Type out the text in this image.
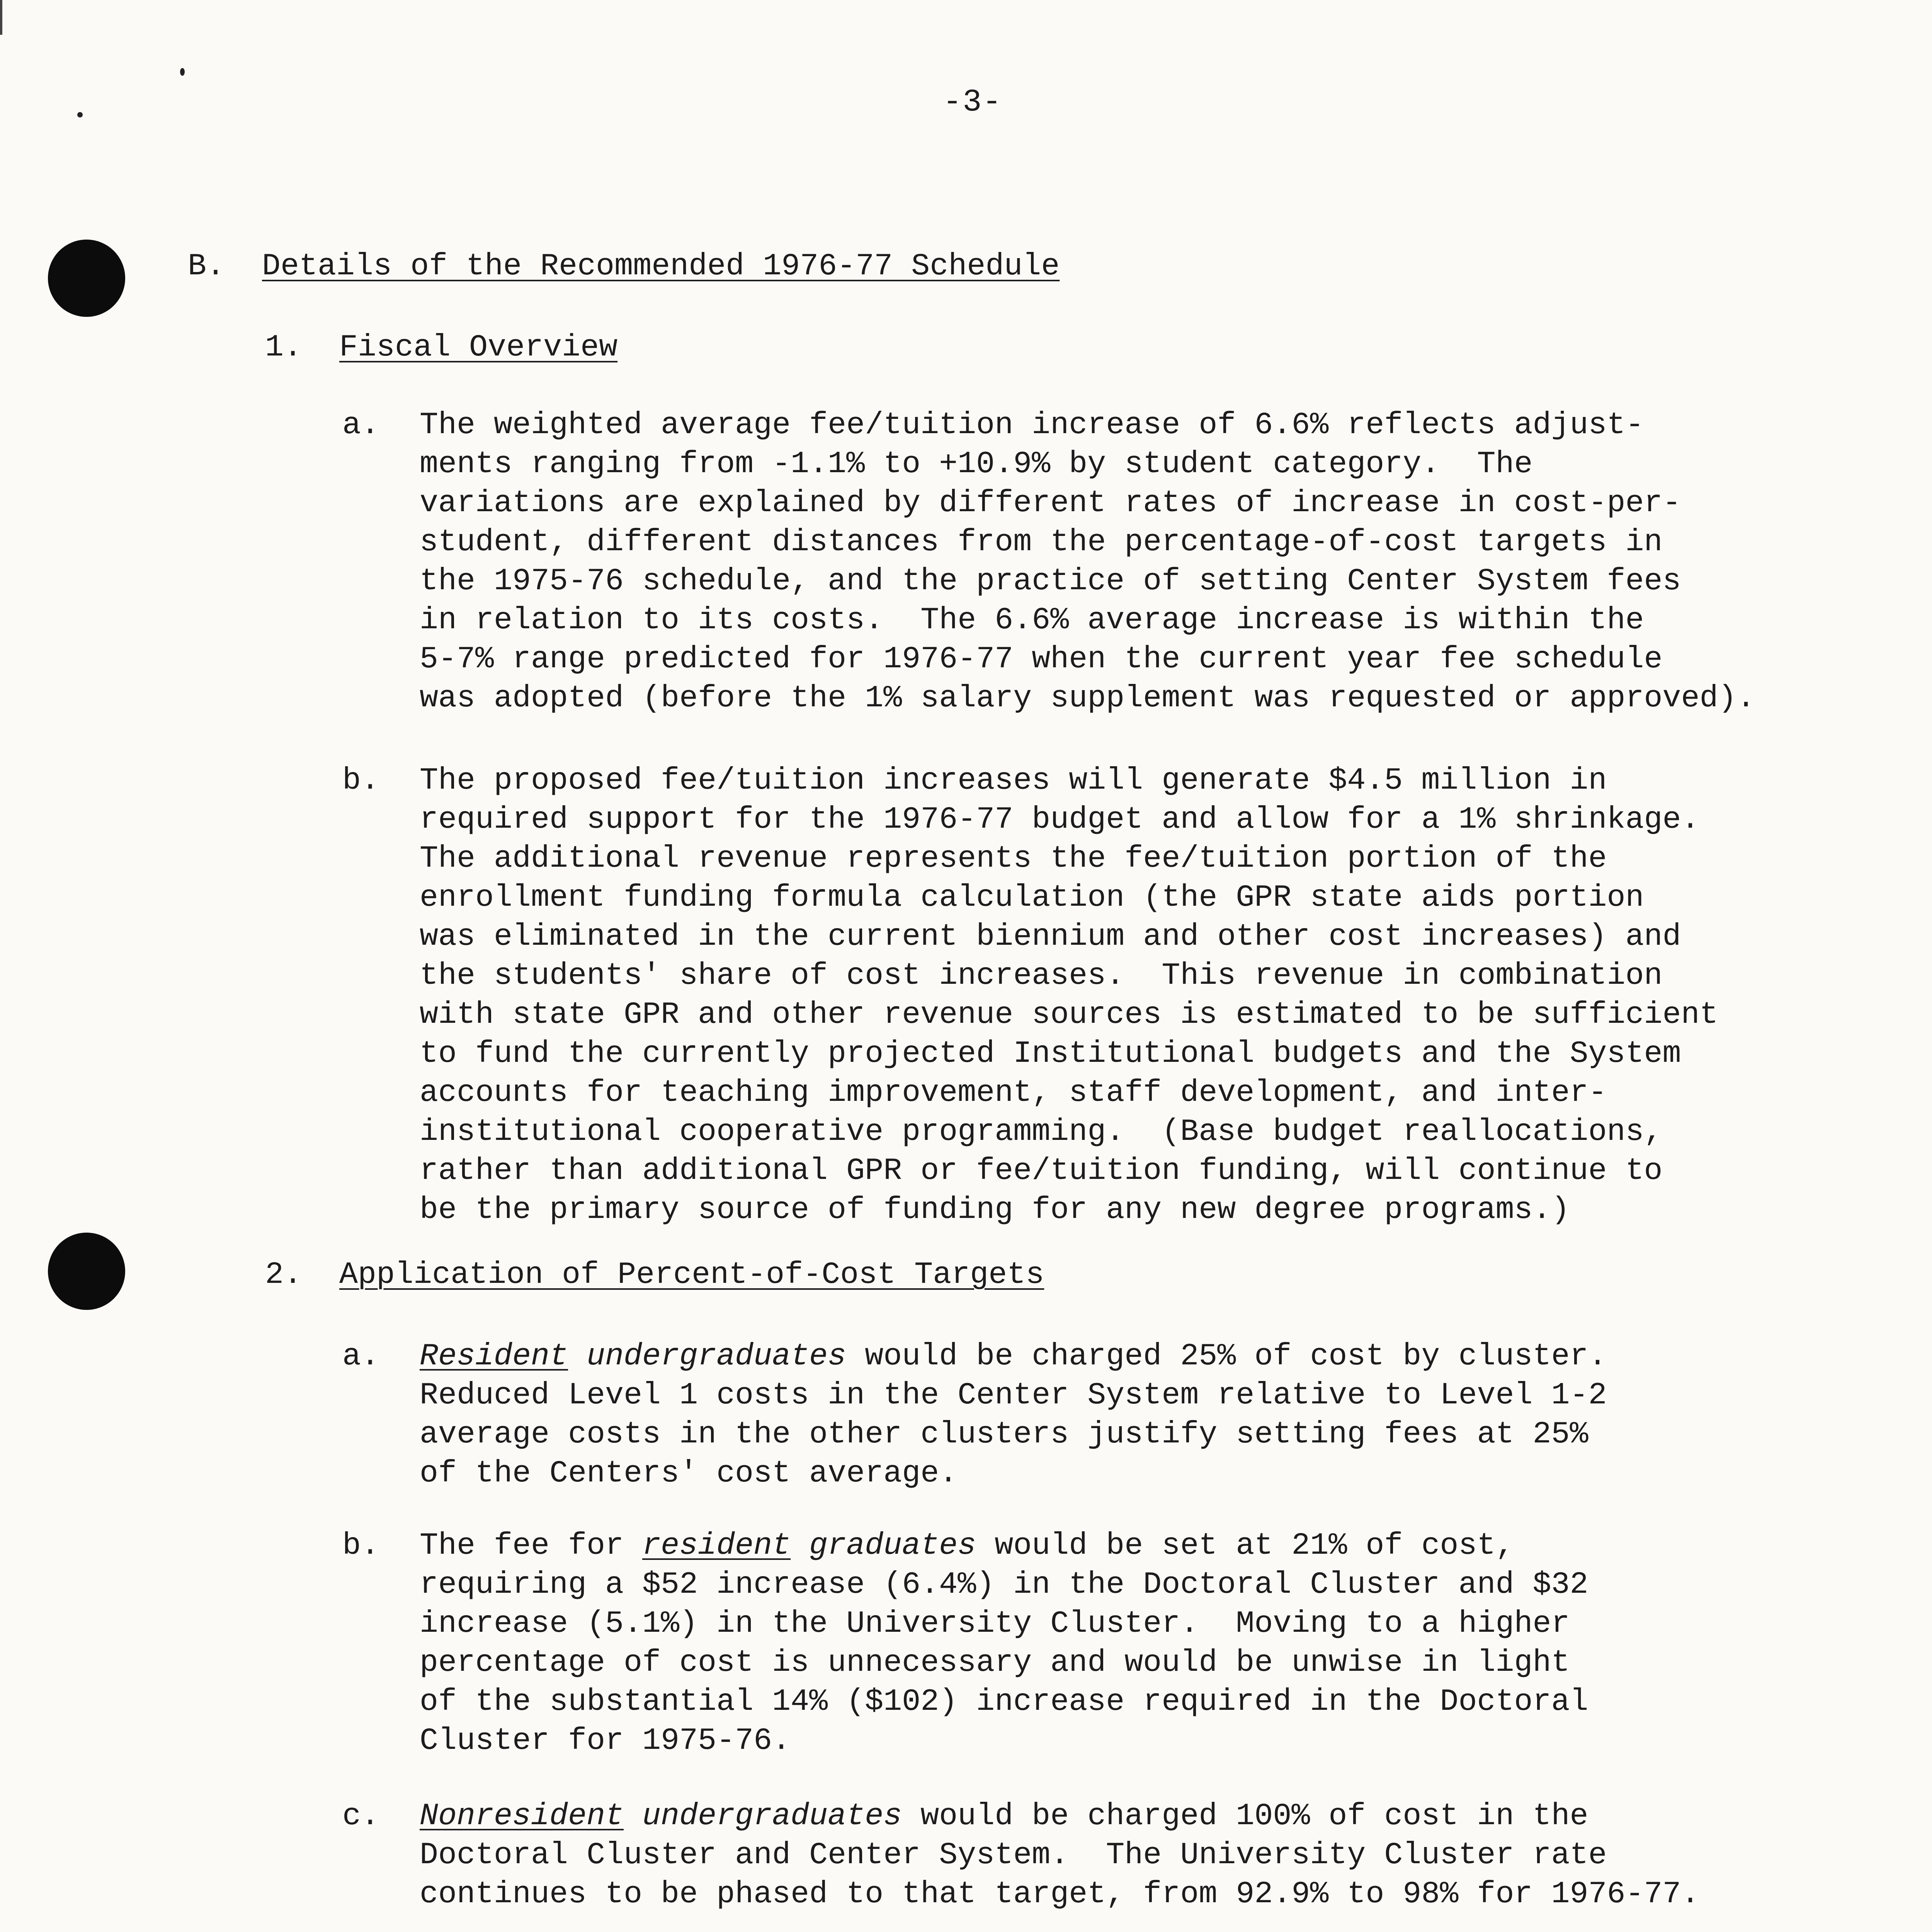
-3-
B. Details of the Recommended 1976-77 Schedule
1. Fiscal Overview
a. The weighted average fee/tuition increase of 6.6% reflects adjust-
ments ranging from -1.1% to +10.9% by student category.  The
variations are explained by different rates of increase in cost-per-
student, different distances from the percentage-of-cost targets in
the 1975-76 schedule, and the practice of setting Center System fees
in relation to its costs.  The 6.6% average increase is within the
5-7% range predicted for 1976-77 when the current year fee schedule
was adopted (before the 1% salary supplement was requested or approved).
b. The proposed fee/tuition increases will generate $4.5 million in
required support for the 1976-77 budget and allow for a 1% shrinkage.
The additional revenue represents the fee/tuition portion of the
enrollment funding formula calculation (the GPR state aids portion
was eliminated in the current biennium and other cost increases) and
the students' share of cost increases.  This revenue in combination
with state GPR and other revenue sources is estimated to be sufficient
to fund the currently projected Institutional budgets and the System
accounts for teaching improvement, staff development, and inter-
institutional cooperative programming.  (Base budget reallocations,
rather than additional GPR or fee/tuition funding, will continue to
be the primary source of funding for any new degree programs.)
2. Application of Percent-of-Cost Targets
a. Resident undergraduates would be charged 25% of cost by cluster.
Reduced Level 1 costs in the Center System relative to Level 1-2
average costs in the other clusters justify setting fees at 25%
of the Centers' cost average.
b. The fee for resident graduates would be set at 21% of cost,
requiring a $52 increase (6.4%) in the Doctoral Cluster and $32
increase (5.1%) in the University Cluster.  Moving to a higher
percentage of cost is unnecessary and would be unwise in light
of the substantial 14% ($102) increase required in the Doctoral
Cluster for 1975-76.
c. Nonresident undergraduates would be charged 100% of cost in the
Doctoral Cluster and Center System.  The University Cluster rate
continues to be phased to that target, from 92.9% to 98% for 1976-77.
